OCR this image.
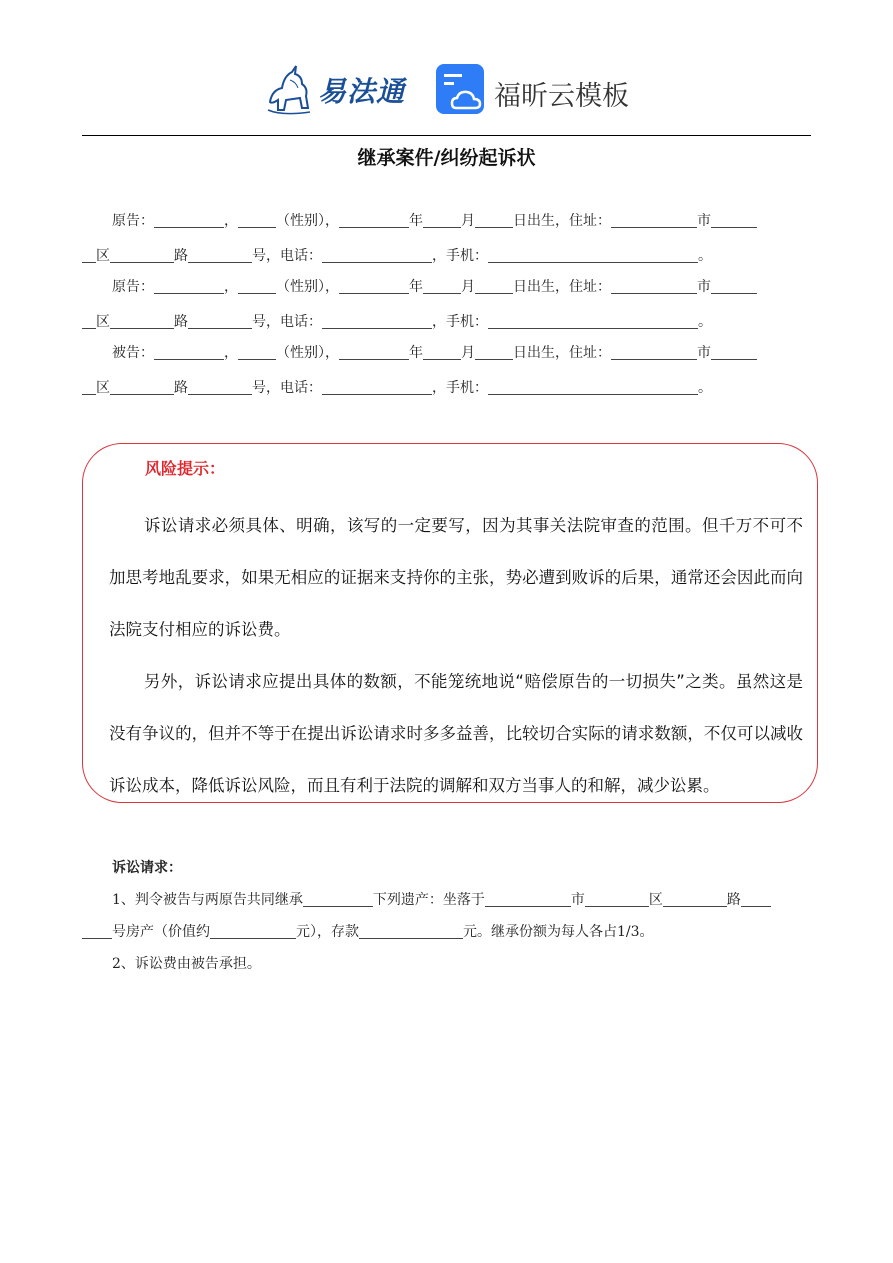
易法通	福昕云模板
继承案件/纠纷起诉状
原告：	，	（性别），	年	月	日出生，住址：	市
区	路	号，电话：	，手机：	。
原告：	，	（性别），	年	月	日出生，住址：	市
区	路	号，电话：	，手机：	。
被告：	，	（性别），	年	月	日出生，住址：	市
区	路	号，电话：	，手机：	。
风险提示：

诉讼请求必须具体、明确，该写的一定要写，因为其事关法院审查的范围。但千万不可不加思考地乱要求，如果无相应的证据来支持你的主张，势必遭到败诉的后果，通常还会因此而向法院支付相应的诉讼费。

另外，诉讼请求应提出具体的数额，不能笼统地说“赔偿原告的一切损失”之类。虽然这是没有争议的，但并不等于在提出诉讼请求时多多益善，比较切合实际的请求数额，不仅可以减收诉讼成本，降低诉讼风险，而且有利于法院的调解和双方当事人的和解，减少讼累。

诉讼请求：
1、判令被告与两原告共同继承	下列遗产：坐落于	市	区	路
号房产（价值约	元），存款	元。继承份额为每人各占1/3。
2、诉讼费由被告承担。
